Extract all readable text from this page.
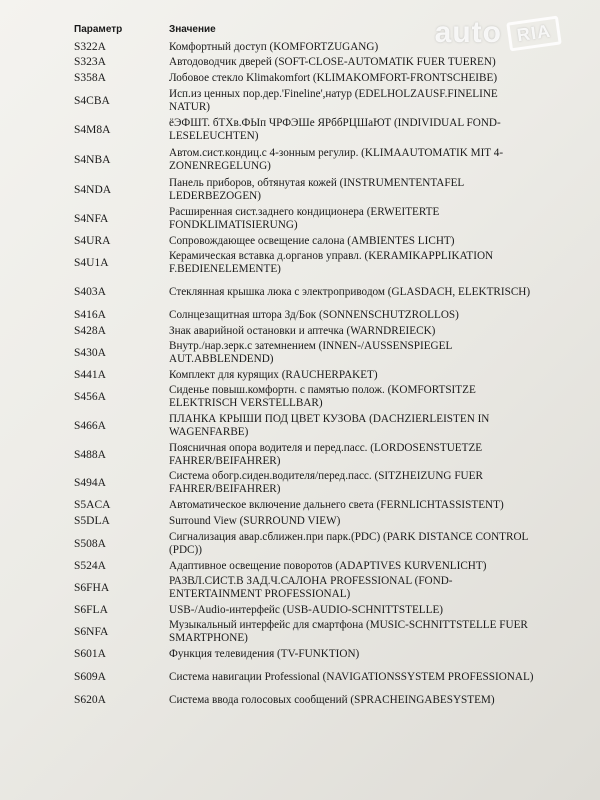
auto RIA
Параметр	Значение
S322A	Комфортный доступ (KOMFORTZUGANG)
S323A	Автодоводчик дверей (SOFT-CLOSE-AUTOMATIK FUER TUEREN)
S358A	Лобовое стекло Klimakomfort (KLIMAKOMFORT-FRONTSCHEIBE)
S4CBA
Исп.из ценных пор.дер.'Fineline',натур (EDELHOLZAUSF.FINELINE NATUR)
S4M8A
ёЭФШТ. бТХв.ФЫп ЧРФЭШе ЯРббРЦШаЮТ (INDIVIDUAL FOND-LESELEUCHTEN)
S4NBA
Автом.сист.кондиц.с 4-зонным регулир. (KLIMAAUTOMATIK MIT 4-ZONENREGELUNG)
S4NDA
Панель приборов, обтянутая кожей (INSTRUMENTENTAFEL LEDERBEZOGEN)
S4NFA
Расширенная сист.заднего кондиционера (ERWEITERTE FONDKLIMATISIERUNG)
S4URA	Сопровождающее освещение салона (AMBIENTES LICHT)
S4U1A
Керамическая вставка д.органов управл. (KERAMIKAPPLIKATION F.BEDIENELEMENTE)
S403A	Стеклянная крышка люка с электроприводом (GLASDACH, ELEKTRISCH)
S416A	Солнцезащитная штора Зд/Бок (SONNENSCHUTZROLLOS)
S428A	Знак аварийной остановки и аптечка (WARNDREIECK)
S430A
Внутр./нар.зерк.с затемнением (INNEN-/AUSSENSPIEGEL AUT.ABBLENDEND)
S441A	Комплект для курящих (RAUCHERPAKET)
S456A
Сиденье повыш.комфортн. с памятью полож. (KOMFORTSITZE ELEKTRISCH VERSTELLBAR)
S466A
ПЛАНКА КРЫШИ ПОД ЦВЕТ КУЗОВА (DACHZIERLEISTEN IN WAGENFARBE)
S488A
Поясничная опора водителя и перед.пасс. (LORDOSENSTUETZE FAHRER/BEIFAHRER)
S494A
Система обогр.сиден.водителя/перед.пасс. (SITZHEIZUNG FUER FAHRER/BEIFAHRER)
S5ACA	Автоматическое включение дальнего света (FERNLICHTASSISTENT)
S5DLA	Surround View (SURROUND VIEW)
S508A
Сигнализация авар.сближен.при парк.(PDC) (PARK DISTANCE CONTROL (PDC))
S524A	Адаптивное освещение поворотов (ADAPTIVES KURVENLICHT)
S6FHA
РАЗВЛ.СИСТ.В ЗАД.Ч.САЛОНА PROFESSIONAL (FOND-ENTERTAINMENT PROFESSIONAL)
S6FLA	USB-/Audio-интерфейс (USB-AUDIO-SCHNITTSTELLE)
S6NFA
Музыкальный интерфейс для смартфона (MUSIC-SCHNITTSTELLE FUER SMARTPHONE)
S601A	Функция телевидения (TV-FUNKTION)
S609A	Система навигации Professional (NAVIGATIONSSYSTEM PROFESSIONAL)
S620A	Система ввода голосовых сообщений (SPRACHEINGABESYSTEM)
